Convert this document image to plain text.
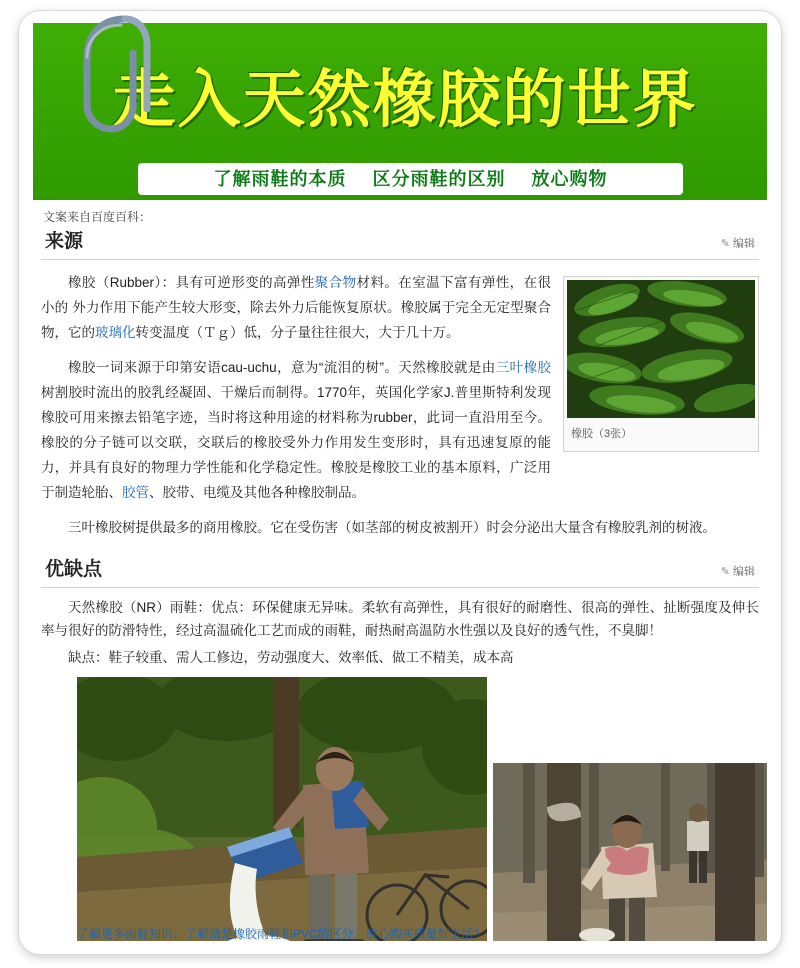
走入天然橡胶的世界
了解雨鞋的本质 区分雨鞋的区别 放心购物
文案来自百度百科：
来源	✎ 编辑
橡胶（3张）

橡胶（Rubber）：具有可逆形变的高弹性聚合物材料。在室温下富有弹性，在很小的 外力作用下能产生较大形变，除去外力后能恢复原状。橡胶属于完全无定型聚合物，它的玻璃化转变温度（Ｔｇ）低，分子量往往很大，大于几十万。

橡胶一词来源于印第安语cau-uchu，意为“流泪的树”。天然橡胶就是由三叶橡胶树割胶时流出的胶乳经凝固、干燥后而制得。1770年，英国化学家J.普里斯特利发现橡胶可用来擦去铅笔字迹，当时将这种用途的材料称为rubber，此词一直沿用至今。橡胶的分子链可以交联，交联后的橡胶受外力作用发生变形时，具有迅速复原的能力，并具有良好的物理力学性能和化学稳定性。橡胶是橡胶工业的基本原料，广泛用于制造轮胎、胶管、胶带、电缆及其他各种橡胶制品。

三叶橡胶树提供最多的商用橡胶。它在受伤害（如茎部的树皮被割开）时会分泌出大量含有橡胶乳剂的树液。

优缺点	✎ 编辑

天然橡胶（NR）雨鞋：优点：环保健康无异味。柔软有高弹性，具有很好的耐磨性、很高的弹性、扯断强度及伸长率与很好的防滑特性，经过高温硫化工艺而成的雨鞋，耐热耐高温防水性强以及良好的透气性，不臭脚！

缺点：鞋子较重、需人工修边，劳动强度大、效率低、做工不精美，成本高

了解更多雨鞋知识：了解清楚橡胶雨鞋﻿和PVC的区分，放心购买质量好生活！
